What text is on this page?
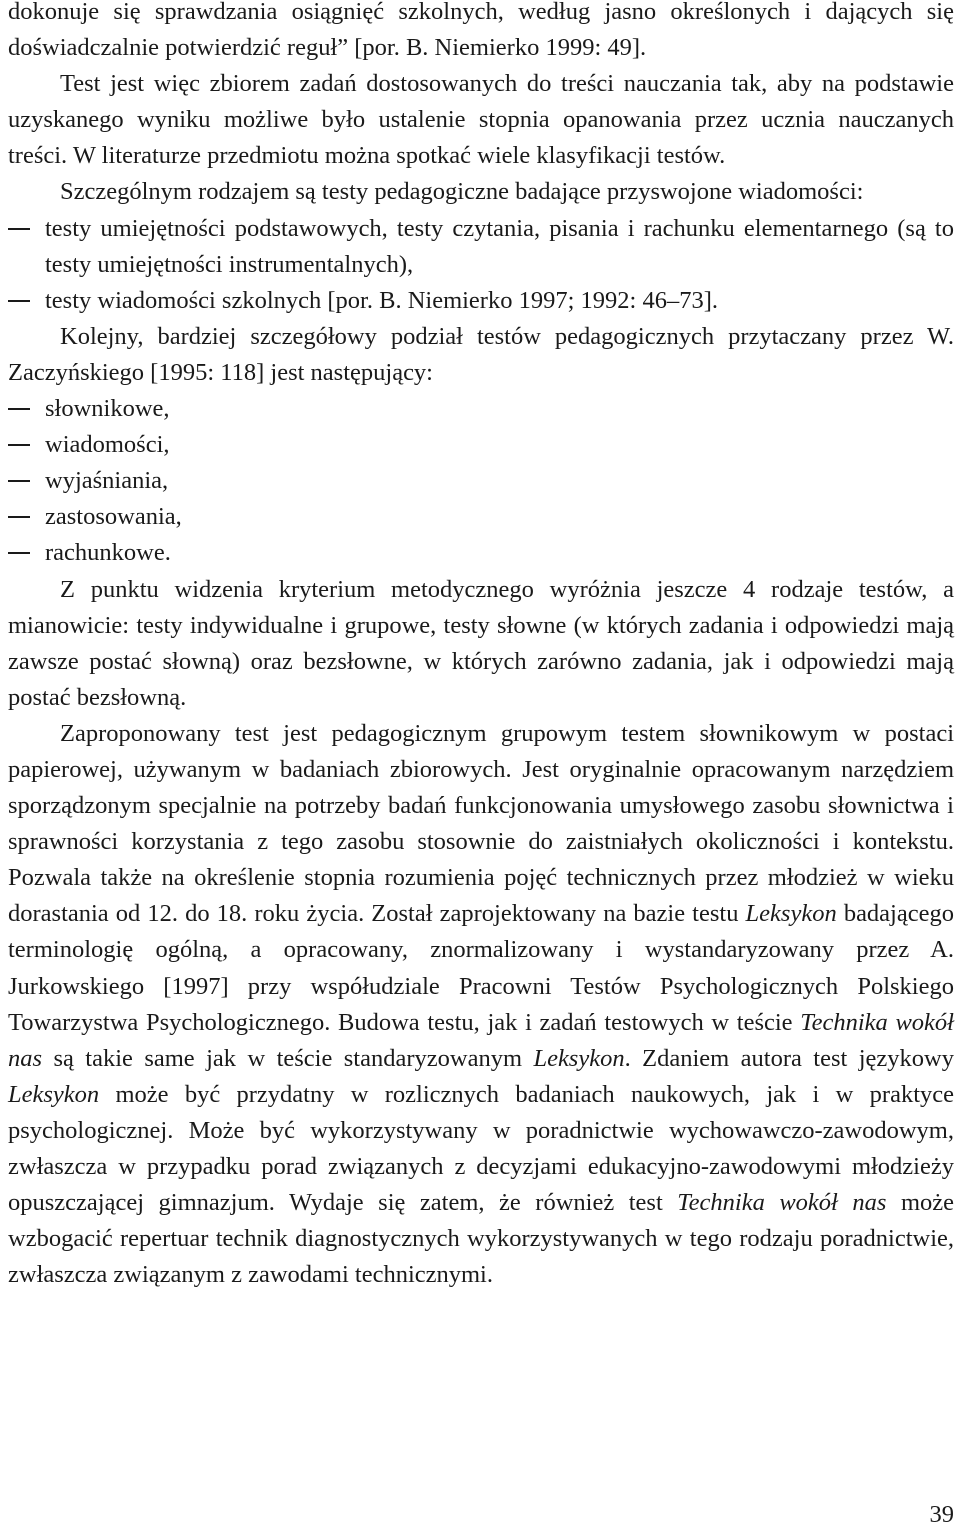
dokonuje się sprawdzania osiągnięć szkolnych, według jasno określonych i dających się doświadczalnie potwierdzić reguł” [por. B. Niemierko 1999: 49].

Test jest więc zbiorem zadań dostosowanych do treści nauczania tak, aby na podstawie uzyskanego wyniku możliwe było ustalenie stopnia opanowania przez ucznia nauczanych treści. W literaturze przedmiotu można spotkać wiele klasyfikacji testów.

Szczególnym rodzajem są testy pedagogiczne badające przyswojone wiadomości:

testy umiejętności podstawowych, testy czytania, pisania i rachunku elementarnego (są to testy umiejętności instrumentalnych),
testy wiadomości szkolnych [por. B. Niemierko 1997; 1992: 46–73].

Kolejny, bardziej szczegółowy podział testów pedagogicznych przytaczany przez W. Zaczyńskiego [1995: 118] jest następujący:

słownikowe,
wiadomości,
wyjaśniania,
zastosowania,
rachunkowe.

Z punktu widzenia kryterium metodycznego wyróżnia jeszcze 4 rodzaje testów, a mianowicie: testy indywidualne i grupowe, testy słowne (w których zadania i odpowiedzi mają zawsze postać słowną) oraz bezsłowne, w których zarówno zadania, jak i odpowiedzi mają postać bezsłowną.

Zaproponowany test jest pedagogicznym grupowym testem słownikowym w postaci papierowej, używanym w badaniach zbiorowych. Jest oryginalnie opracowanym narzędziem sporządzonym specjalnie na potrzeby badań funkcjonowania umysłowego zasobu słownictwa i sprawności korzystania z tego zasobu stosownie do zaistniałych okoliczności i kontekstu. Pozwala także na określenie stopnia rozumienia pojęć technicznych przez młodzież w wieku dorastania od 12. do 18. roku życia. Został zaprojektowany na bazie testu Leksykon badającego terminologię ogólną, a opracowany, znormalizowany i wystandaryzowany przez A. Jurkowskiego [1997] przy współudziale Pracowni Testów Psychologicznych Polskiego Towarzystwa Psychologicznego. Budowa testu, jak i zadań testowych w teście Technika wokół nas są takie same jak w teście standaryzowanym Leksykon. Zdaniem autora test językowy Leksykon może być przydatny w rozlicznych badaniach naukowych, jak i w praktyce psychologicznej. Może być wykorzystywany w poradnictwie wychowawczo-zawodowym, zwłaszcza w przypadku porad związanych z decyzjami edukacyjno-zawodowymi młodzieży opuszczającej gimnazjum. Wydaje się zatem, że również test Technika wokół nas może wzbogacić repertuar technik diagnostycznych wykorzystywanych w tego rodzaju poradnictwie, zwłaszcza związanym z zawodami technicznymi.

39
